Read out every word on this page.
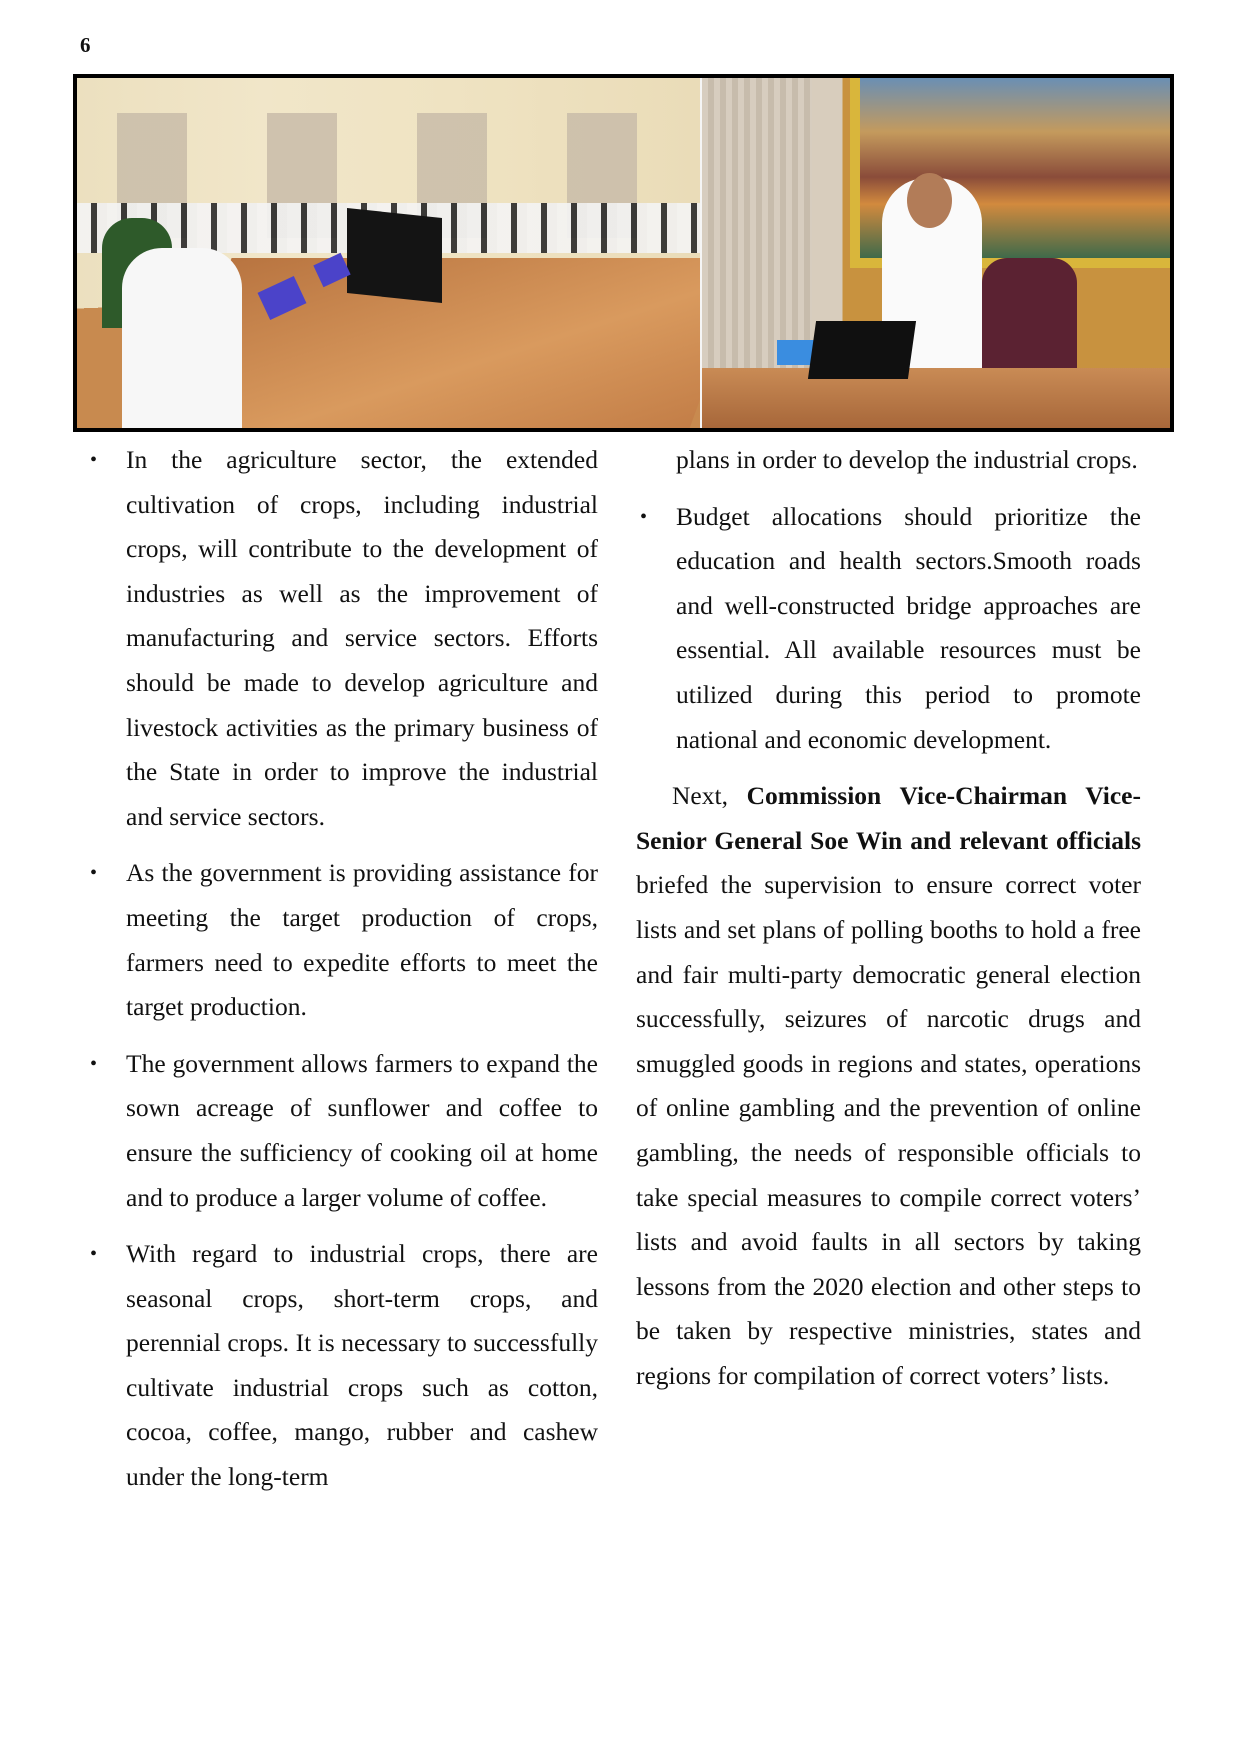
6
• In the agriculture sector, the extended cultivation of crops, including industrial crops, will contribute to the development of industries as well as the improvement of manufacturing and service sectors. Efforts should be made to develop agriculture and livestock activities as the primary business of the State in order to improve the industrial and service sectors.
• As the government is providing assistance for meeting the target production of crops, farmers need to expedite efforts to meet the target production.
• The government allows farmers to expand the sown acreage of sunflower and coffee to ensure the sufficiency of cooking oil at home and to produce a larger volume of coffee.
• With regard to industrial crops, there are seasonal crops, short-term crops, and perennial crops. It is necessary to successfully cultivate industrial crops such as cotton, cocoa, coffee, mango, rubber and cashew under the long-term

plans in order to develop the industrial crops.

• Budget allocations should prioritize the education and health sectors.Smooth roads and well-constructed bridge approaches are essential. All available resources must be utilized during this period to promote national and economic development.

Next, Commission Vice-Chairman Vice-Senior General Soe Win and relevant officials briefed the supervision to ensure correct voter lists and set plans of polling booths to hold a free and fair multi-party democratic general election successfully, seizures of narcotic drugs and smuggled goods in regions and states, operations of online gambling and the prevention of online gambling, the needs of responsible officials to take special measures to compile correct voters’ lists and avoid faults in all sectors by taking lessons from the 2020 election and other steps to be taken by respective ministries, states and regions for compilation of correct voters’ lists.
